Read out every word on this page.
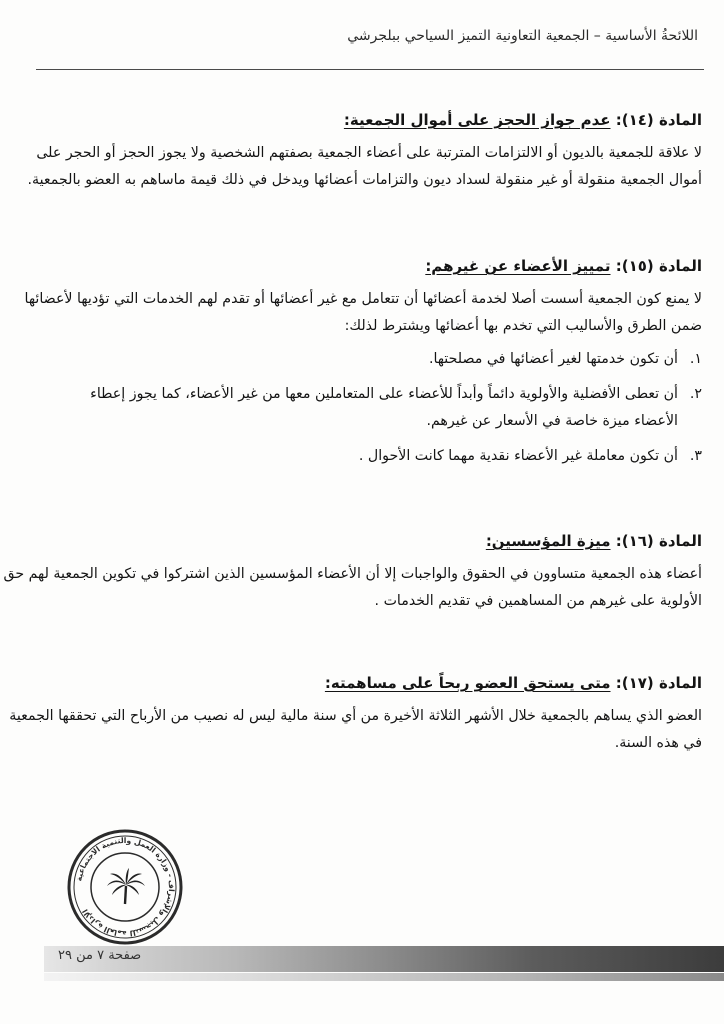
اللائحةُ الأساسية – الجمعية التعاونية التميز السياحي ببلجرشي
المادة (١٤): عدم جواز الحجز على أموال الجمعية:

لا علاقة للجمعية بالديون أو الالتزامات المترتبة على أعضاء الجمعية بصفتهم الشخصية ولا يجوز الحجز أو الحجر على
أموال الجمعية منقولة أو غير منقولة لسداد ديون والتزامات أعضائها ويدخل في ذلك قيمة ماساهم به العضو بالجمعية.

المادة (١٥): تمييز الأعضاء عن غيرهم:

لا يمنع كون الجمعية أسست أصلا لخدمة أعضائها أن تتعامل مع غير أعضائها أو تقدم لهم الخدمات التي تؤديها لأعضائها
ضمن الطرق والأساليب التي تخدم بها أعضائها ويشترط لذلك:

١.
أن تكون خدمتها لغير أعضائها في مصلحتها.
٢.
أن تعطى الأفضلية والأولوية دائماً وأبداً للأعضاء على المتعاملين معها من غير الأعضاء، كما يجوز إعطاء
الأعضاء ميزة خاصة في الأسعار عن غيرهم.
٣.
أن تكون معاملة غير الأعضاء نقدية مهما كانت الأحوال .
المادة (١٦): ميزة المؤسسين:

أعضاء هذه الجمعية متساوون في الحقوق والواجبات إلا أن الأعضاء المؤسسين الذين اشتركوا في تكوين الجمعية لهم حق
الأولوية على غيرهم من المساهمين في تقديم الخدمات .

المادة (١٧): متى يستحق العضو ربحاً على مساهمته:

العضو الذي يساهم بالجمعية خلال الأشهر الثلاثة الأخيرة من أي سنة مالية ليس له نصيب من الأرباح التي تحققها الجمعية
في هذه السنة.

الإدارة العامة للتسجيل والإشراف - وزارة العمل والتنمية الاجتماعية
صفحة ٧ من ٢٩
